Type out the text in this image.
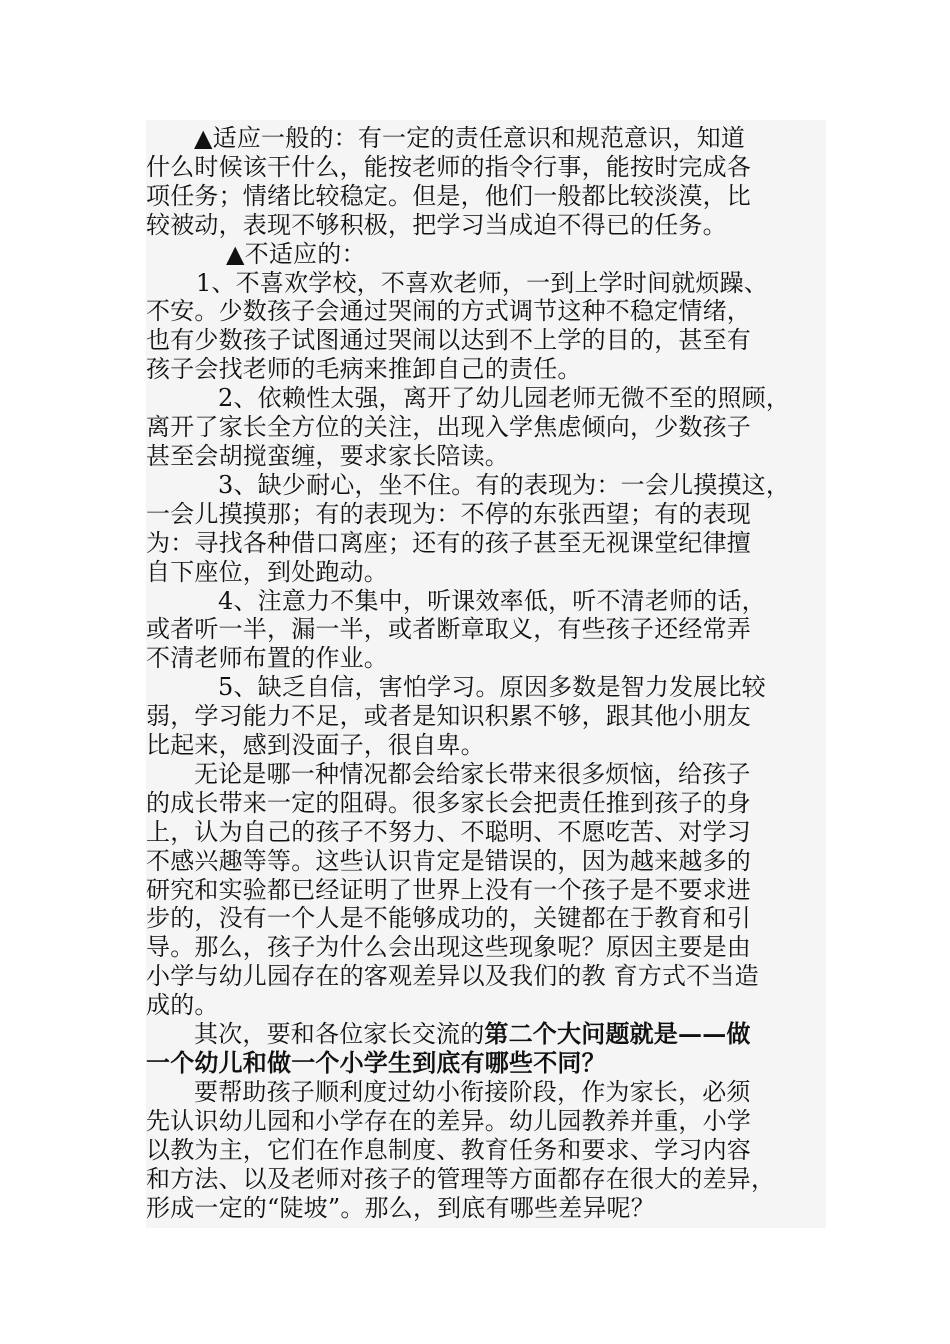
▲适应一般的：有一定的责任意识和规范意识，知道
什么时候该干什么，能按老师的指令行事，能按时完成各
项任务；情绪比较稳定。但是，他们一般都比较淡漠，比
较被动，表现不够积极，把学习当成迫不得已的任务。
▲不适应的：
1、不喜欢学校，不喜欢老师，一到上学时间就烦躁、
不安。少数孩子会通过哭闹的方式调节这种不稳定情绪，
也有少数孩子试图通过哭闹以达到不上学的目的，甚至有
孩子会找老师的毛病来推卸自己的责任。
2、依赖性太强，离开了幼儿园老师无微不至的照顾，
离开了家长全方位的关注，出现入学焦虑倾向，少数孩子
甚至会胡搅蛮缠，要求家长陪读。
3、缺少耐心，坐不住。有的表现为：一会儿摸摸这，
一会儿摸摸那；有的表现为：不停的东张西望；有的表现
为：寻找各种借口离座；还有的孩子甚至无视课堂纪律擅
自下座位，到处跑动。
4、注意力不集中，听课效率低，听不清老师的话，
或者听一半，漏一半，或者断章取义，有些孩子还经常弄
不清老师布置的作业。
5、缺乏自信，害怕学习。原因多数是智力发展比较
弱，学习能力不足，或者是知识积累不够，跟其他小朋友
比起来，感到没面子，很自卑。
无论是哪一种情况都会给家长带来很多烦恼，给孩子
的成长带来一定的阻碍。很多家长会把责任推到孩子的身
上，认为自己的孩子不努力、不聪明、不愿吃苦、对学习
不感兴趣等等。这些认识肯定是错误的，因为越来越多的
研究和实验都已经证明了世界上没有一个孩子是不要求进
步的，没有一个人是不能够成功的，关键都在于教育和引
导。那么，孩子为什么会出现这些现象呢？原因主要是由
小学与幼儿园存在的客观差异以及我们的教 育方式不当造
成的。
其次，要和各位家长交流的第二个大问题就是——做
一个幼儿和做一个小学生到底有哪些不同？
要帮助孩子顺利度过幼小衔接阶段，作为家长，必须
先认识幼儿园和小学存在的差异。幼儿园教养并重，小学
以教为主，它们在作息制度、教育任务和要求、学习内容
和方法、以及老师对孩子的管理等方面都存在很大的差异，
形成一定的“陡坡”。那么，到底有哪些差异呢？
